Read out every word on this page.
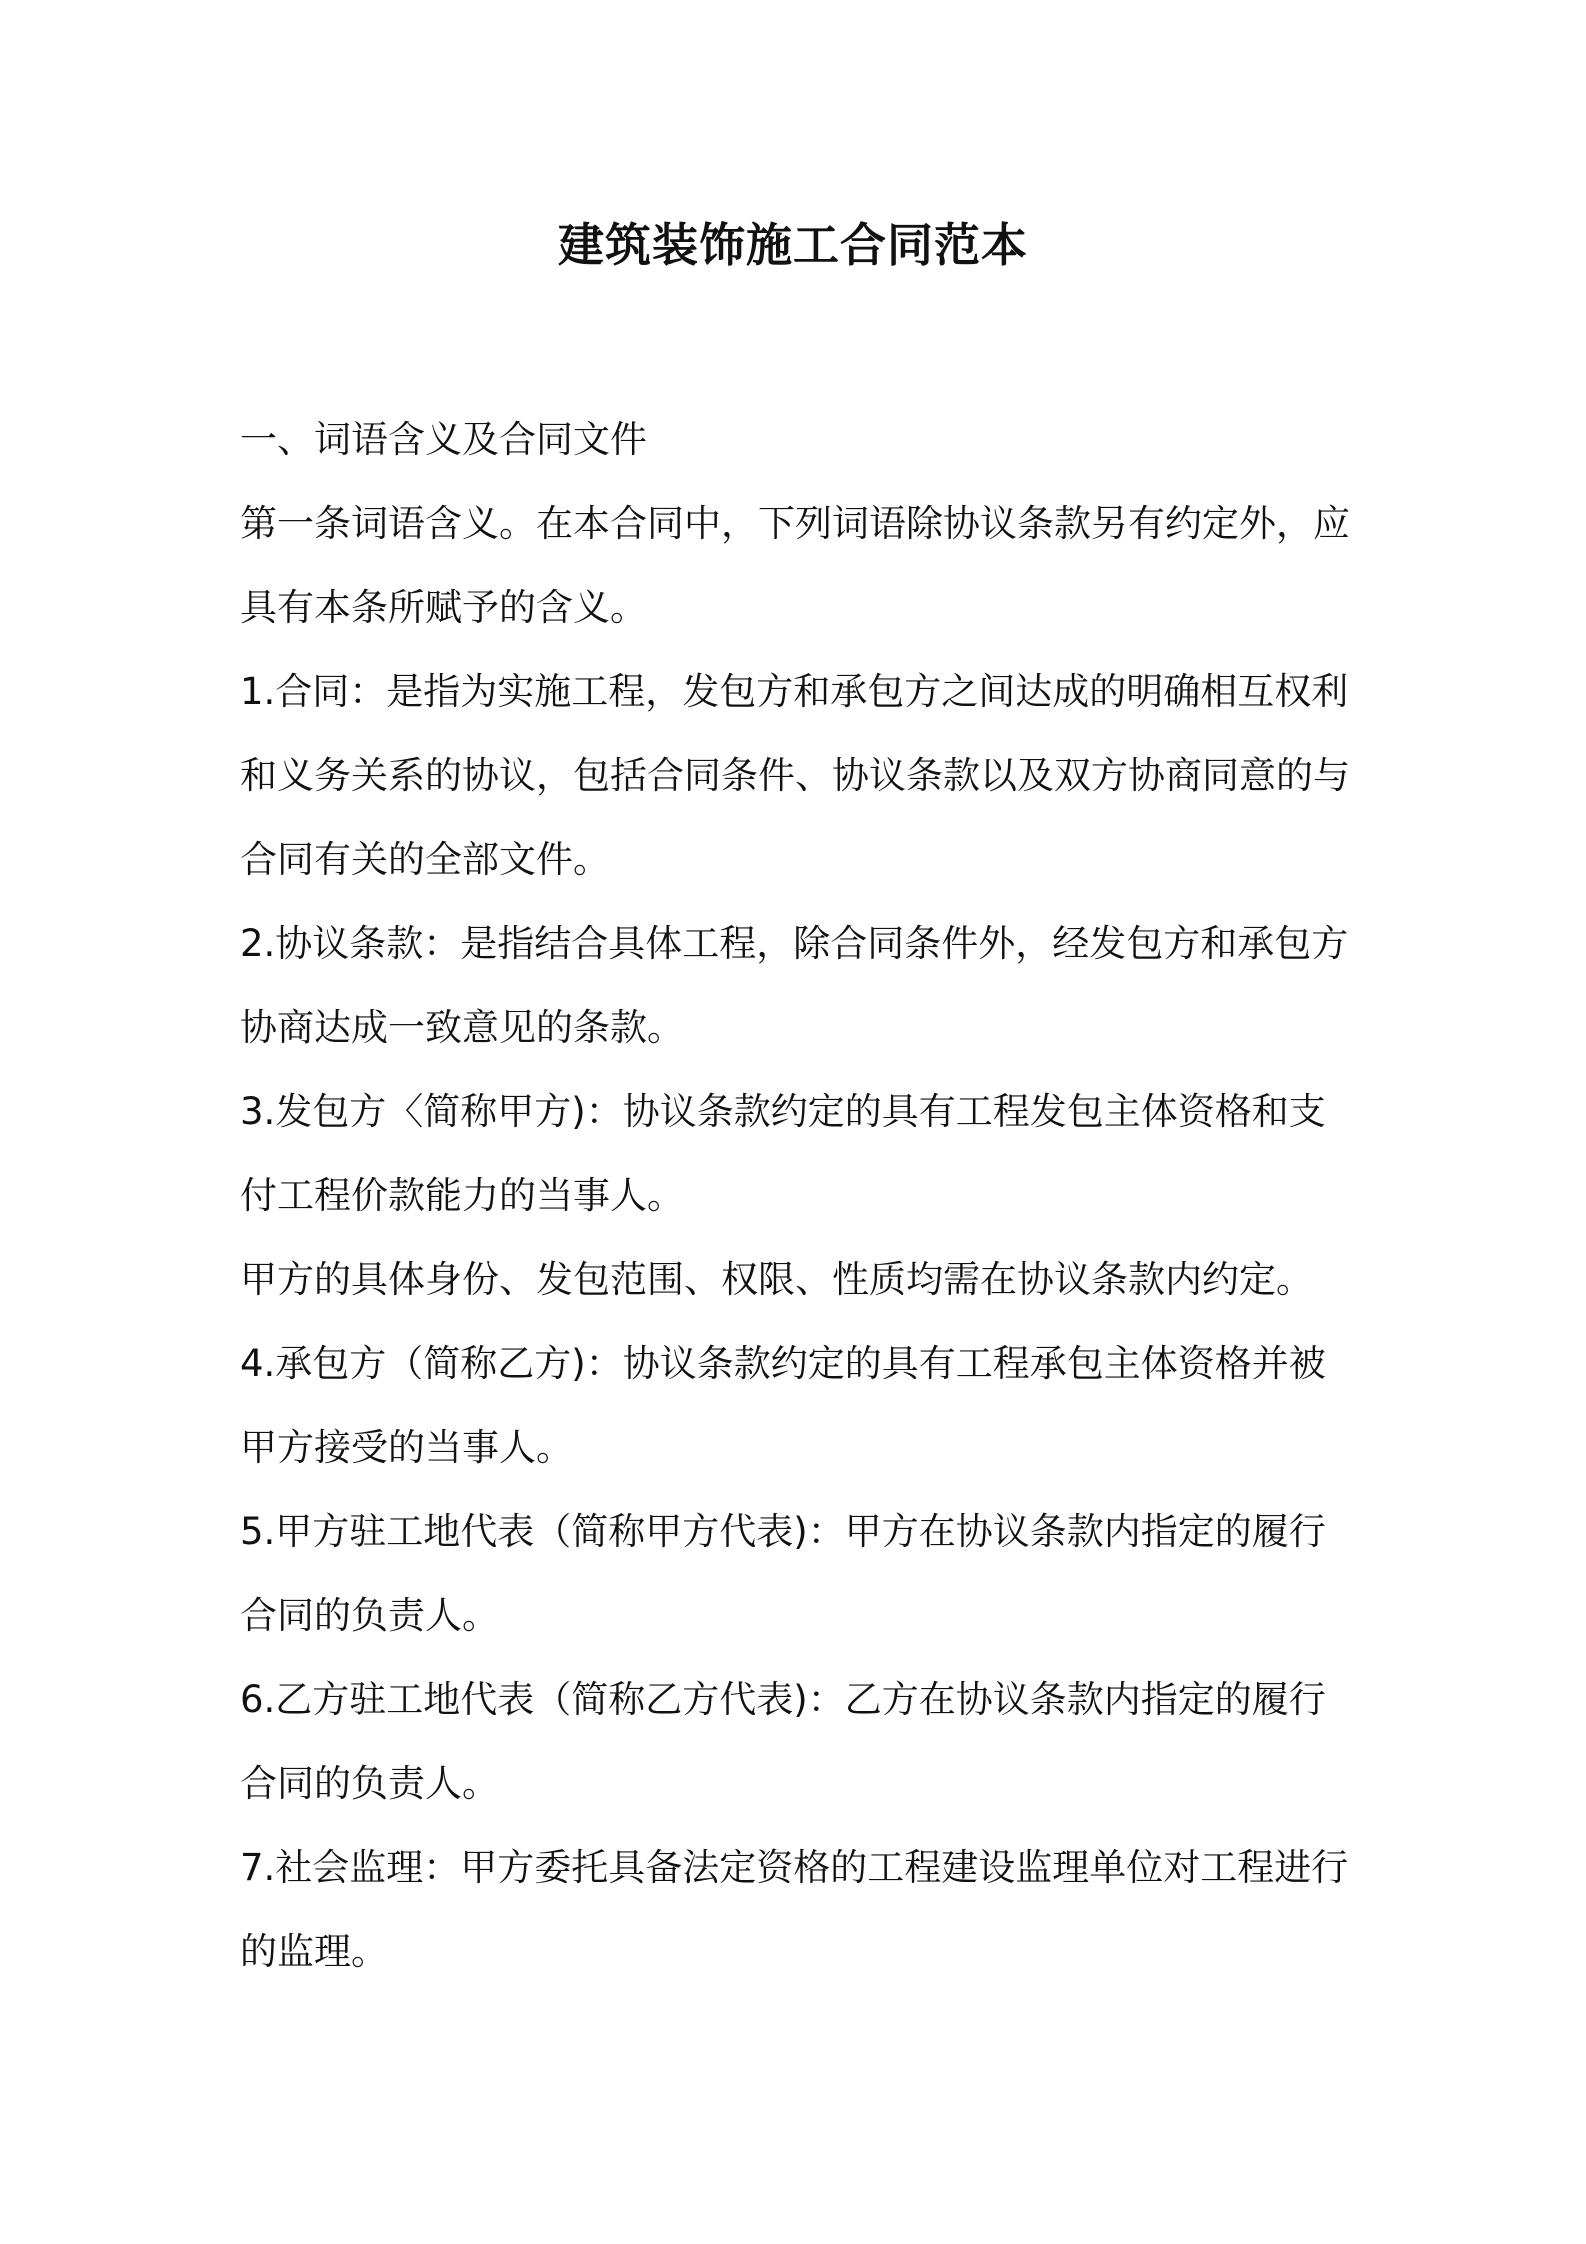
建筑装饰施工合同范本
一、词语含义及合同文件
第一条词语含义。在本合同中，下列词语除协议条款另有约定外，应
具有本条所赋予的含义。
1.合同：是指为实施工程，发包方和承包方之间达成的明确相互权利
和义务关系的协议，包括合同条件、协议条款以及双方协商同意的与
合同有关的全部文件。
2.协议条款：是指结合具体工程，除合同条件外，经发包方和承包方
协商达成一致意见的条款。
3.发包方〈简称甲方)：协议条款约定的具有工程发包主体资格和支
付工程价款能力的当事人。
甲方的具体身份、发包范围、权限、性质均需在协议条款内约定。
4.承包方（简称乙方)：协议条款约定的具有工程承包主体资格并被
甲方接受的当事人。
5.甲方驻工地代表（简称甲方代表)：甲方在协议条款内指定的履行
合同的负责人。
6.乙方驻工地代表（简称乙方代表)：乙方在协议条款内指定的履行
合同的负责人。
7.社会监理：甲方委托具备法定资格的工程建设监理单位对工程进行
的监理。
